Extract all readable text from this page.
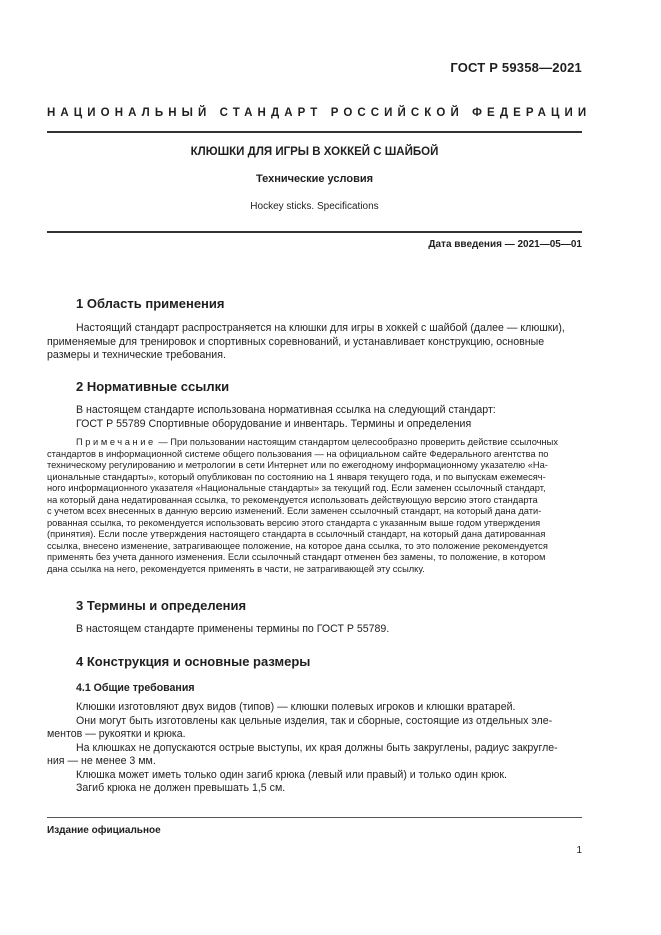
ГОСТ Р 59358—2021
НАЦИОНАЛЬНЫЙ СТАНДАРТ РОССИЙСКОЙ ФЕДЕРАЦИИ
КЛЮШКИ ДЛЯ ИГРЫ В ХОККЕЙ С ШАЙБОЙ
Технические условия
Hockey sticks. Specifications
Дата введения — 2021—05—01
1 Область применения
Настоящий стандарт распространяется на клюшки для игры в хоккей с шайбой (далее — клюшки),
применяемые для тренировок и спортивных соревнований, и устанавливает конструкцию, основные
размеры и технические требования.
2 Нормативные ссылки
В настоящем стандарте использована нормативная ссылка на следующий стандарт:
ГОСТ Р 55789 Спортивные оборудование и инвентарь. Термины и определения
Примечание — При пользовании настоящим стандартом целесообразно проверить действие ссылочных
стандартов в информационной системе общего пользования — на официальном сайте Федерального агентства по
техническому регулированию и метрологии в сети Интернет или по ежегодному информационному указателю «На-
циональные стандарты», который опубликован по состоянию на 1 января текущего года, и по выпускам ежемесяч-
ного информационного указателя «Национальные стандарты» за текущий год. Если заменен ссылочный стандарт,
на который дана недатированная ссылка, то рекомендуется использовать действующую версию этого стандарта
с учетом всех внесенных в данную версию изменений. Если заменен ссылочный стандарт, на который дана дати-
рованная ссылка, то рекомендуется использовать версию этого стандарта с указанным выше годом утверждения
(принятия). Если после утверждения настоящего стандарта в ссылочный стандарт, на который дана датированная
ссылка, внесено изменение, затрагивающее положение, на которое дана ссылка, то это положение рекомендуется
применять без учета данного изменения. Если ссылочный стандарт отменен без замены, то положение, в котором
дана ссылка на него, рекомендуется применять в части, не затрагивающей эту ссылку.
3 Термины и определения
В настоящем стандарте применены термины по ГОСТ Р 55789.
4 Конструкция и основные размеры
4.1 Общие требования
Клюшки изготовляют двух видов (типов) — клюшки полевых игроков и клюшки вратарей.
Они могут быть изготовлены как цельные изделия, так и сборные, состоящие из отдельных эле-
ментов — рукоятки и крюка.
На клюшках не допускаются острые выступы, их края должны быть закруглены, радиус закругле-
ния — не менее 3 мм.
Клюшка может иметь только один загиб крюка (левый или правый) и только один крюк.
Загиб крюка не должен превышать 1,5 см.
Издание официальное
1
